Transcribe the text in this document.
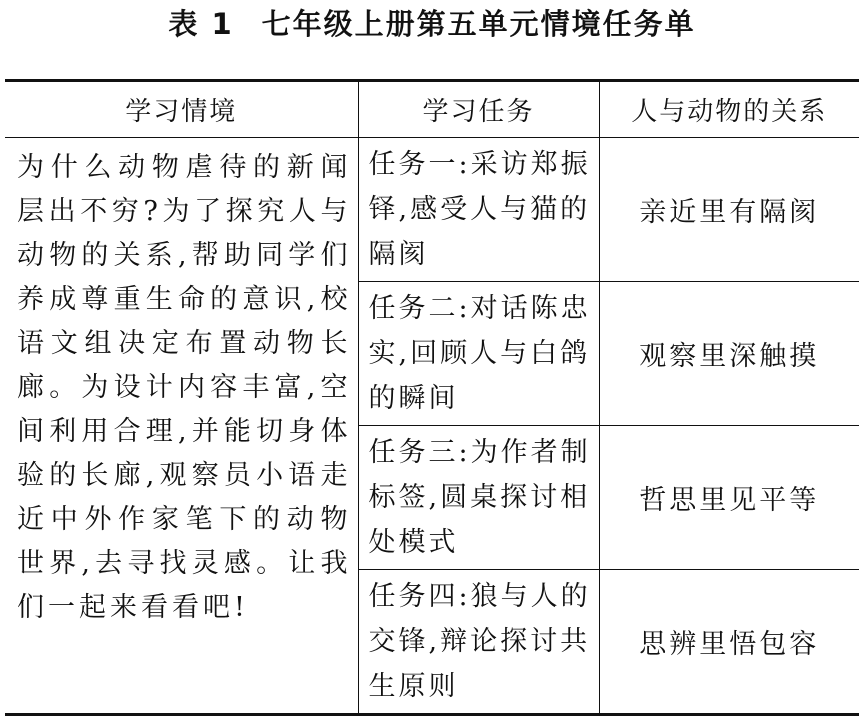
表 1 七年级上册第五单元情境任务单
学习情境	学习任务	人与动物的关系
为什么动物虐待的新闻层出不穷?为了探究人与动物的关系,帮助同学们养成尊重生命的意识,校语文组决定布置动物长廊。为设计内容丰富,空间利用合理,并能切身体验的长廊,观察员小语走近中外作家笔下的动物世界,去寻找灵感。让我们一起来看看吧!	任务一:采访郑振铎,感受人与猫的隔阂	亲近里有隔阂
	任务二:对话陈忠实,回顾人与白鸽的瞬间	观察里深触摸
	任务三:为作者制标签,圆桌探讨相处模式	哲思里见平等
	任务四:狼与人的交锋,辩论探讨共生原则	思辨里悟包容
